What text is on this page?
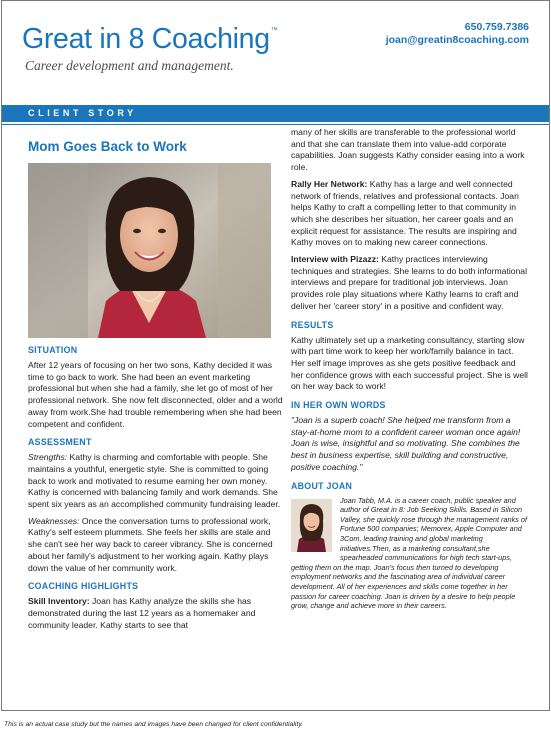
Great in 8 Coaching™
Career development and management.
650.759.7386
joan@greatin8coaching.com
CLIENT STORY
Mom Goes Back to Work
SITUATION
After 12 years of focusing on her two sons, Kathy decided it was time to go back to work. She had been an event marketing professional but when she had a family, she let go of most of her professional network. She now felt disconnected, older and a world away from work.She had trouble remembering when she had been competent and confident.
ASSESSMENT
Strengths: Kathy is charming and comfortable with people. She maintains a youthful, energetic style. She is committed to going back to work and motivated to resume earning her own money. Kathy is concerned with balancing family and work demands. She spent six years as an accomplished community fundraising leader.
Weaknesses: Once the conversation turns to professional work, Kathy's self esteem plummets. She feels her skills are stale and she can't see her way back to career vibrancy. She is concerned about her family's adjustment to her working again. Kathy plays down the value of her community work.
COACHING HIGHLIGHTS
Skill Inventory: Joan has Kathy analyze the skills she has demonstrated during the last 12 years as a homemaker and community leader. Kathy starts to see that
many of her skills are transferable to the professional world and that she can translate them into value-add corporate capabilities. Joan suggests Kathy consider easing into a work role.
Rally Her Network: Kathy has a large and well connected network of friends, relatives and professional contacts. Joan helps Kathy to craft a compelling letter to that community in which she describes her situation, her career goals and an explicit request for assistance. The results are inspiring and Kathy moves on to making new career connections.
Interview with Pizazz: Kathy practices interviewing techniques and strategies. She learns to do both informational interviews and prepare for traditional job interviews. Joan provides role play situations where Kathy learns to craft and deliver her 'career story' in a positive and confident way.
RESULTS
Kathy ultimately set up a marketing consultancy, starting slow with part time work to keep her work/family balance in tact. Her self image improves as she gets positive feedback and her confidence grows with each successful project. She is well on her way back to work!
IN HER OWN WORDS
"Joan is a superb coach! She helped me transform from a stay-at-home mom to a confident career woman once again! Joan is wise, insightful and so motivating. She combines the best in business expertise, skill building and constructive, positive coaching."
ABOUT JOAN
Joan Tabb, M.A. is a career coach, public speaker and author of Great in 8: Job Seeking Skills. Based in Silicon Valley, she quickly rose through the management ranks of Fortune 500 companies; Memorex, Apple Computer and 3Com, leading training and global marketing initiatives.Then, as a marketing consultant,she spearheaded communications for high tech start-ups, getting them on the map. Joan's focus then turned to developing employment networks and the fascinating area of individual career development. All of her experiences and skills come together in her passion for career coaching. Joan is driven by a desire to help people grow, change and achieve more in their careers.
This is an actual case study but the names and images have been changed for client confidentiality.
